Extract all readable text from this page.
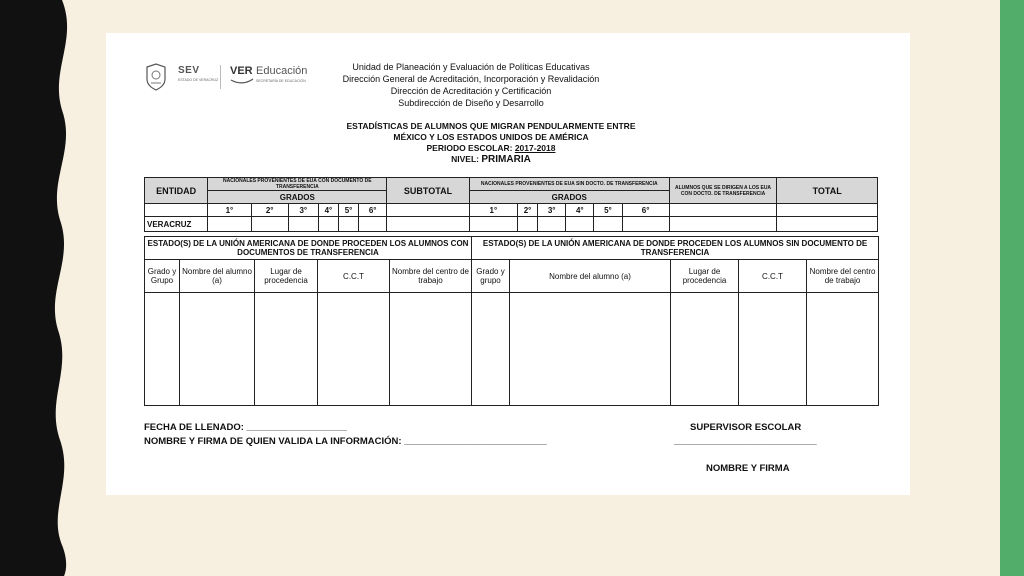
SEV
ESTADO DE VERACRUZ
VER Educación
SECRETARÍA DE EDUCACIÓN
Unidad de Planeación y Evaluación de Políticas Educativas
Dirección General de Acreditación, Incorporación y Revalidación
Dirección de Acreditación y Certificación
Subdirección de Diseño y Desarrollo
ESTADÍSTICAS DE ALUMNOS QUE MIGRAN PENDULARMENTE ENTRE
MÉXICO Y LOS ESTADOS UNIDOS DE AMÉRICA
PERIODO ESCOLAR: 2017-2018
NIVEL: PRIMARIA
ENTIDAD	NACIONALES PROVENIENTES DE EUA CON DOCUMENTO DE TRANSFERENCIA						SUBTOTAL	NACIONALES PROVENIENTES DE EUA SIN DOCTO. DE TRANSFERENCIA						ALUMNOS QUE SE DIRIGEN A LOS EUA CON DOCTO. DE TRANSFERENCIA	TOTAL
	GRADOS							GRADOS							
	1°	2°	3°	4°	5°	6°		1°	2°	3°	4°	5°	6°		
VERACRUZ															
ESTADO(S) DE LA UNIÓN AMERICANA DE DONDE PROCEDEN LOS ALUMNOS CON DOCUMENTOS DE TRANSFERENCIA					ESTADO(S) DE LA UNIÓN AMERICANA DE DONDE PROCEDEN LOS ALUMNOS SIN DOCUMENTO DE TRANSFERENCIA				
Grado y Grupo	Nombre del alumno (a)	Lugar de procedencia	C.C.T	Nombre del centro de trabajo	Grado y grupo	Nombre del alumno (a)	Lugar de procedencia	C.C.T	Nombre del centro de trabajo

FECHA DE LLENADO: ___________________
NOMBRE Y FIRMA DE QUIEN VALIDA LA INFORMACIÓN: ___________________________
SUPERVISOR ESCOLAR
___________________________
NOMBRE Y FIRMA
